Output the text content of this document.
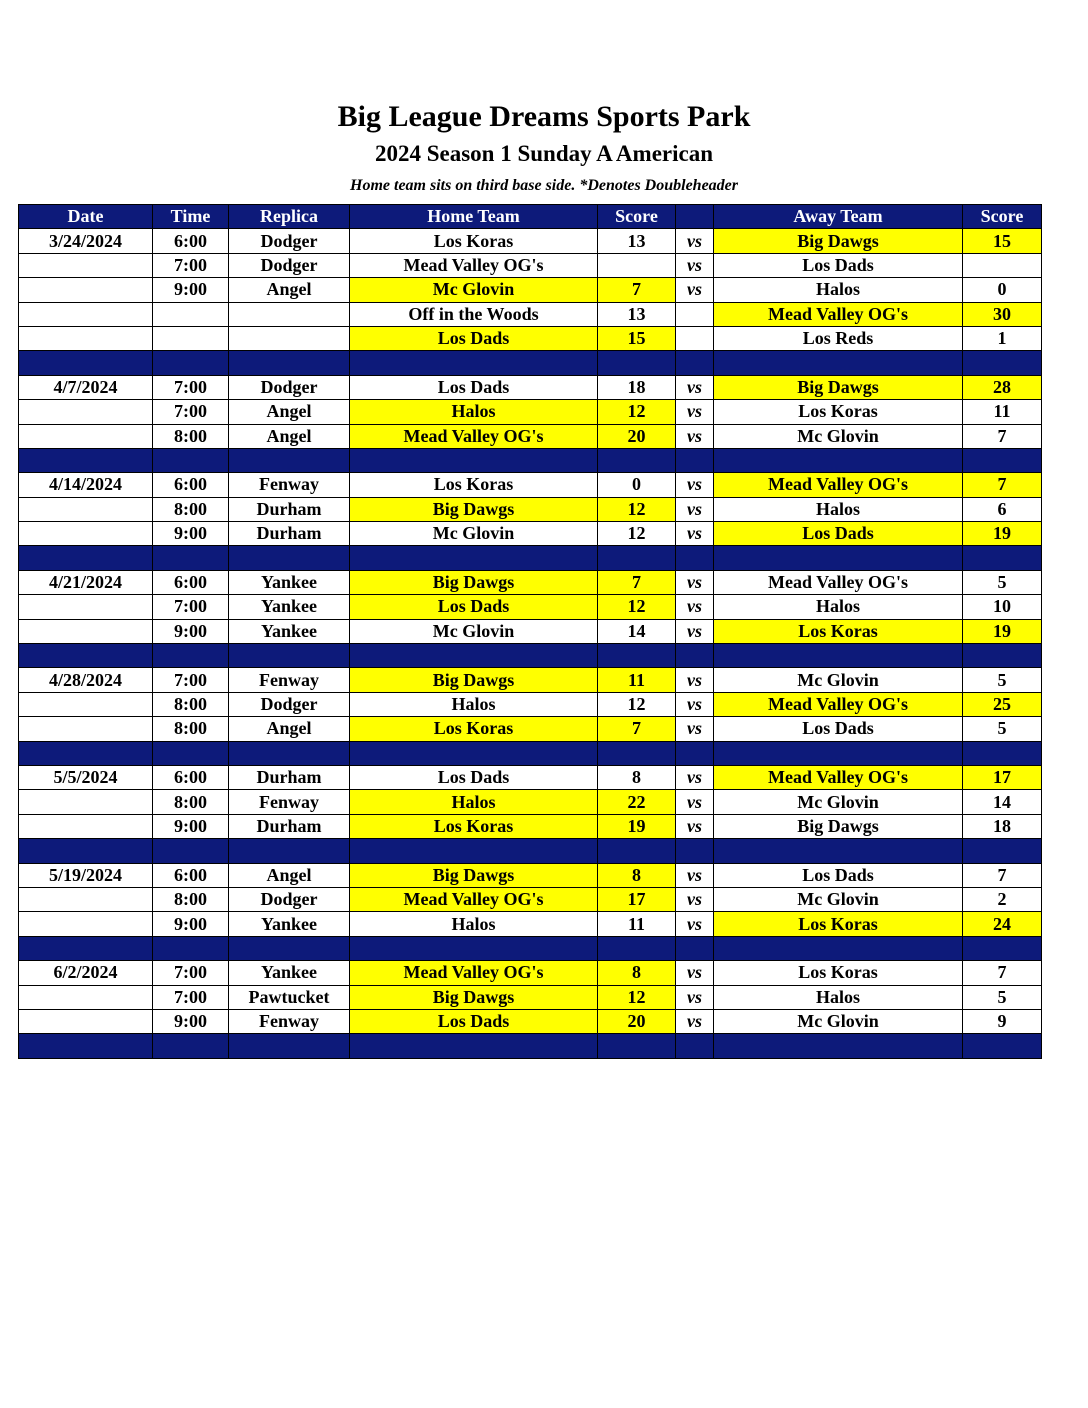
Big League Dreams Sports Park
2024 Season 1 Sunday A American
Home team sits on third base side. *Denotes Doubleheader
Date	Time	Replica	Home Team	Score		Away Team	Score
3/24/2024	6:00	Dodger	Los Koras	13	vs	Big Dawgs	15
	7:00	Dodger	Mead Valley OG's		vs	Los Dads	
	9:00	Angel	Mc Glovin	7	vs	Halos	0
			Off in the Woods	13		Mead Valley OG's	30
			Los Dads	15		Los Reds	1

4/7/2024	7:00	Dodger	Los Dads	18	vs	Big Dawgs	28
	7:00	Angel	Halos	12	vs	Los Koras	11
	8:00	Angel	Mead Valley OG's	20	vs	Mc Glovin	7

4/14/2024	6:00	Fenway	Los Koras	0	vs	Mead Valley OG's	7
	8:00	Durham	Big Dawgs	12	vs	Halos	6
	9:00	Durham	Mc Glovin	12	vs	Los Dads	19

4/21/2024	6:00	Yankee	Big Dawgs	7	vs	Mead Valley OG's	5
	7:00	Yankee	Los Dads	12	vs	Halos	10
	9:00	Yankee	Mc Glovin	14	vs	Los Koras	19

4/28/2024	7:00	Fenway	Big Dawgs	11	vs	Mc Glovin	5
	8:00	Dodger	Halos	12	vs	Mead Valley OG's	25
	8:00	Angel	Los Koras	7	vs	Los Dads	5

5/5/2024	6:00	Durham	Los Dads	8	vs	Mead Valley OG's	17
	8:00	Fenway	Halos	22	vs	Mc Glovin	14
	9:00	Durham	Los Koras	19	vs	Big Dawgs	18

5/19/2024	6:00	Angel	Big Dawgs	8	vs	Los Dads	7
	8:00	Dodger	Mead Valley OG's	17	vs	Mc Glovin	2
	9:00	Yankee	Halos	11	vs	Los Koras	24

6/2/2024	7:00	Yankee	Mead Valley OG's	8	vs	Los Koras	7
	7:00	Pawtucket	Big Dawgs	12	vs	Halos	5
	9:00	Fenway	Los Dads	20	vs	Mc Glovin	9
